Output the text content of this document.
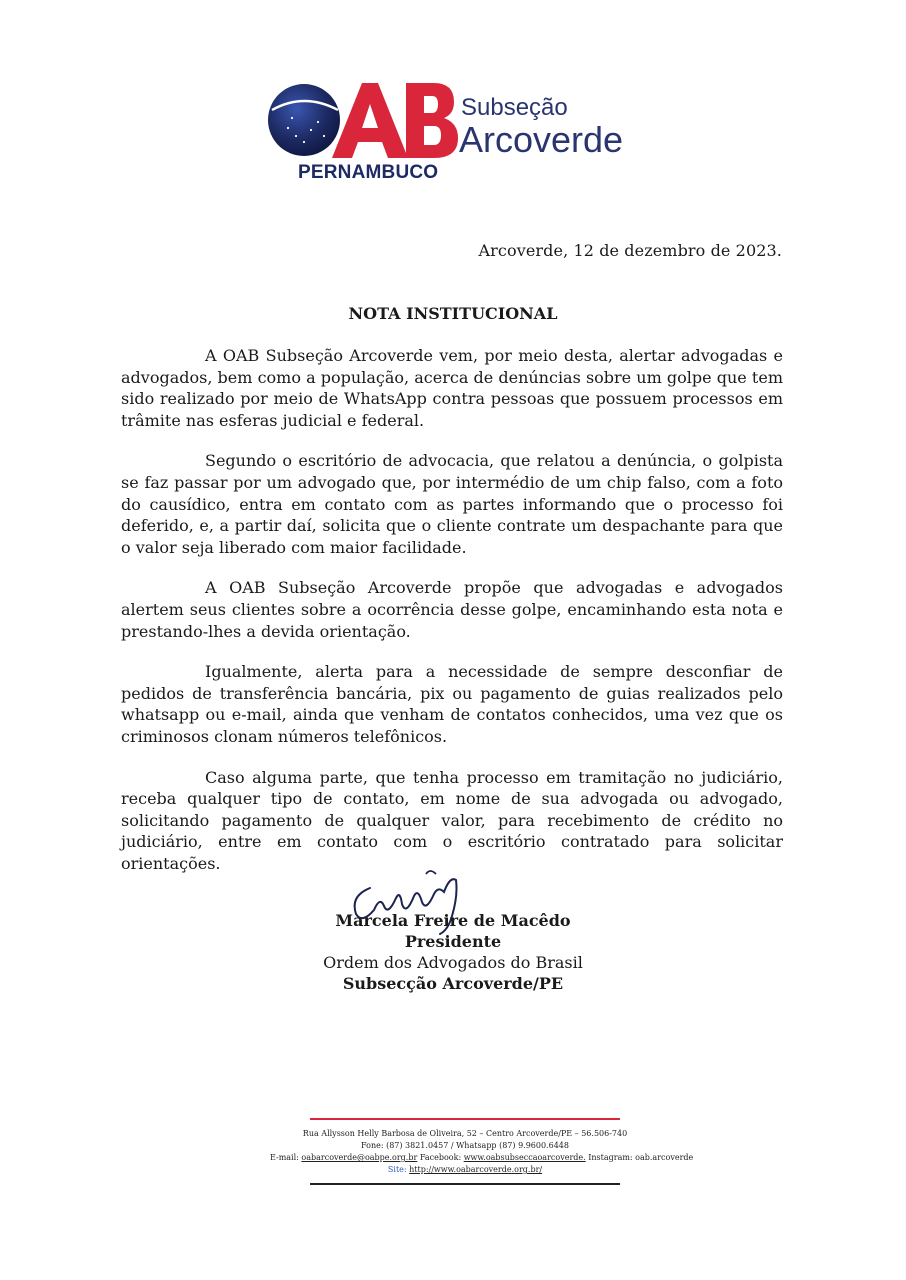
PERNAMBUCO
Subseção
Arcoverde
Arcoverde, 12 de dezembro de 2023.
NOTA INSTITUCIONAL

A OAB Subseção Arcoverde vem, por meio desta, alertar advogadas e advogados, bem como a população, acerca de denúncias sobre um golpe que tem sido realizado por meio de WhatsApp contra pessoas que possuem processos em trâmite nas esferas judicial e federal.

Segundo o escritório de advocacia, que relatou a denúncia, o golpista se faz passar por um advogado que, por intermédio de um chip falso, com a foto do causídico, entra em contato com as partes informando que o processo foi deferido, e, a partir daí, solicita que o cliente contrate um despachante para que o valor seja liberado com maior facilidade.

A OAB Subseção Arcoverde propõe que advogadas e advogados alertem seus clientes sobre a ocorrência desse golpe, encaminhando esta nota e prestando-lhes a devida orientação.

Igualmente, alerta para a necessidade de sempre desconfiar de pedidos de transferência bancária, pix ou pagamento de guias realizados pelo whatsapp ou e-mail, ainda que venham de contatos conhecidos, uma vez que os criminosos clonam números telefônicos.

Caso alguma parte, que tenha processo em tramitação no judiciário, receba qualquer tipo de contato, em nome de sua advogada ou advogado, solicitando pagamento de qualquer valor, para recebimento de crédito no judiciário, entre em contato com o escritório contratado para solicitar orientações.

Marcela Freire de Macêdo
Presidente
Ordem dos Advogados do Brasil
Subsecção Arcoverde/PE
Rua Allysson Helly Barbosa de Oliveira, 52 – Centro Arcoverde/PE – 56.506-740
Fone: (87) 3821.0457 / Whatsapp (87) 9.9600.6448
E-mail: oabarcoverde@oabpe.org.br Facebook: www.oabsubseccaoarcoverde. Instagram: oab.arcoverde
Site: http://www.oabarcoverde.org.br/
